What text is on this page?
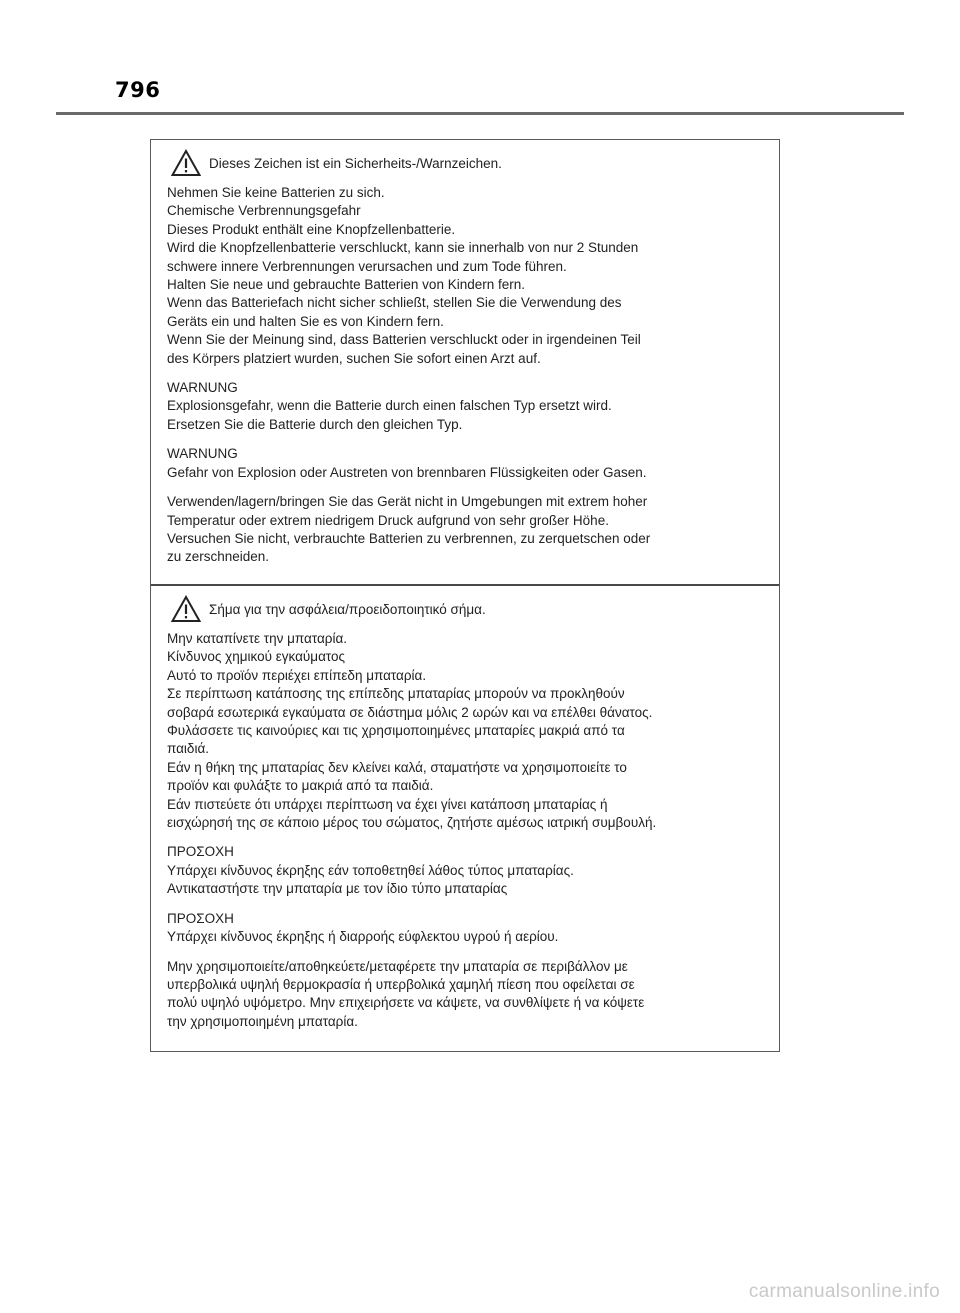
796
Dieses Zeichen ist ein Sicherheits-/Warnzeichen.
Nehmen Sie keine Batterien zu sich.
Chemische Verbrennungsgefahr
Dieses Produkt enthält eine Knopfzellenbatterie.
Wird die Knopfzellenbatterie verschluckt, kann sie innerhalb von nur 2 Stunden
schwere innere Verbrennungen verursachen und zum Tode führen.
Halten Sie neue und gebrauchte Batterien von Kindern fern.
Wenn das Batteriefach nicht sicher schließt, stellen Sie die Verwendung des
Geräts ein und halten Sie es von Kindern fern.
Wenn Sie der Meinung sind, dass Batterien verschluckt oder in irgendeinen Teil
des Körpers platziert wurden, suchen Sie sofort einen Arzt auf.
WARNUNG
Explosionsgefahr, wenn die Batterie durch einen falschen Typ ersetzt wird.
Ersetzen Sie die Batterie durch den gleichen Typ.
WARNUNG
Gefahr von Explosion oder Austreten von brennbaren Flüssigkeiten oder Gasen.
Verwenden/lagern/bringen Sie das Gerät nicht in Umgebungen mit extrem hoher
Temperatur oder extrem niedrigem Druck aufgrund von sehr großer Höhe.
Versuchen Sie nicht, verbrauchte Batterien zu verbrennen, zu zerquetschen oder
zu zerschneiden.
Σήμα για την ασφάλεια/προειδοποιητικό σήμα.
Μην καταπίνετε την μπαταρία.
Κίνδυνος χημικού εγκαύματος
Αυτό το προϊόν περιέχει επίπεδη μπαταρία.
Σε περίπτωση κατάποσης της επίπεδης μπαταρίας μπορούν να προκληθούν
σοβαρά εσωτερικά εγκαύματα σε διάστημα μόλις 2 ωρών και να επέλθει θάνατος.
Φυλάσσετε τις καινούριες και τις χρησιμοποιημένες μπαταρίες μακριά από τα
παιδιά.
Εάν η θήκη της μπαταρίας δεν κλείνει καλά, σταματήστε να χρησιμοποιείτε το
προϊόν και φυλάξτε το μακριά από τα παιδιά.
Εάν πιστεύετε ότι υπάρχει περίπτωση να έχει γίνει κατάποση μπαταρίας ή
εισχώρησή της σε κάποιο μέρος του σώματος, ζητήστε αμέσως ιατρική συμβουλή.
ΠΡΟΣΟΧΗ
Υπάρχει κίνδυνος έκρηξης εάν τοποθετηθεί λάθος τύπος μπαταρίας.
Αντικαταστήστε την μπαταρία με τον ίδιο τύπο μπαταρίας
ΠΡΟΣΟΧΗ
Υπάρχει κίνδυνος έκρηξης ή διαρροής εύφλεκτου υγρού ή αερίου.
Μην χρησιμοποιείτε/αποθηκεύετε/μεταφέρετε την μπαταρία σε περιβάλλον με
υπερβολικά υψηλή θερμοκρασία ή υπερβολικά χαμηλή πίεση που οφείλεται σε
πολύ υψηλό υψόμετρο. Μην επιχειρήσετε να κάψετε, να συνθλίψετε ή να κόψετε
την χρησιμοποιημένη μπαταρία.
carmanualsonline.info
